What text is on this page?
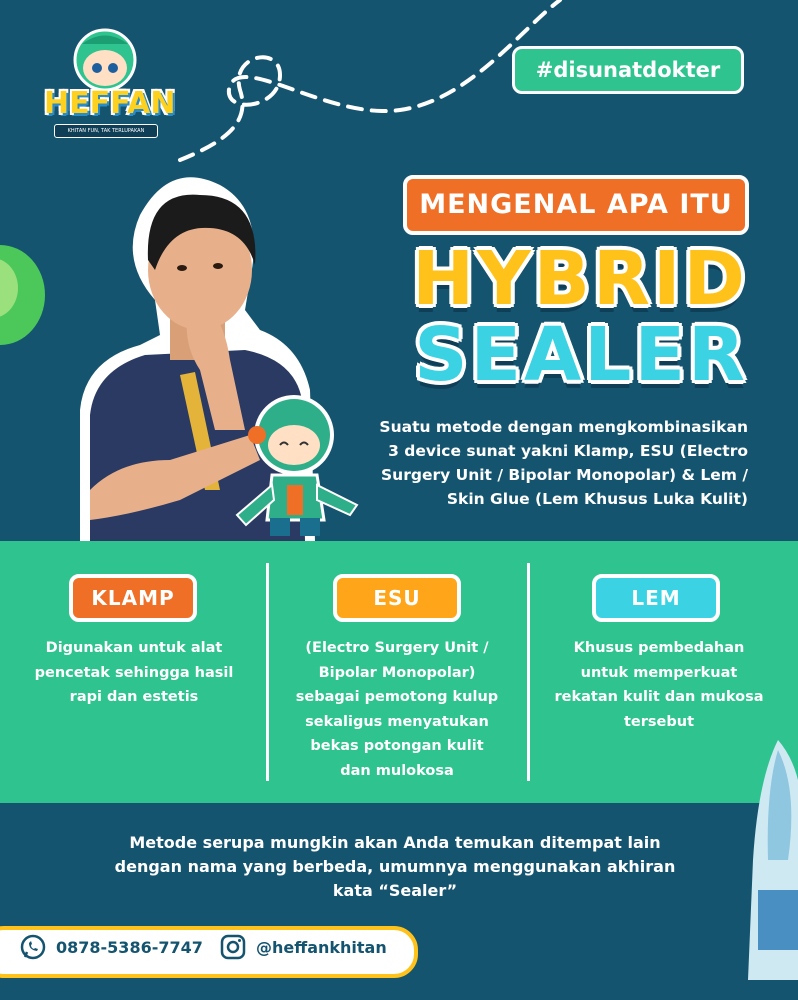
HEFFAN
KHITAN FUN, TAK TERLUPAKAN
#disunatdokter
MENGENAL APA ITU
HYBRID
SEALER
Suatu metode dengan mengkombinasikan
3 device sunat yakni Klamp, ESU (Electro
Surgery Unit / Bipolar Monopolar) & Lem /
Skin Glue (Lem Khusus Luka Kulit)
KLAMP
Digunakan untuk alat
pencetak sehingga hasil
rapi dan estetis
ESU
(Electro Surgery Unit /
Bipolar Monopolar)
sebagai pemotong kulup
sekaligus menyatukan
bekas potongan kulit
dan mulokosa
LEM
Khusus pembedahan
untuk memperkuat
rekatan kulit dan mukosa
tersebut
Metode serupa mungkin akan Anda temukan ditempat lain
dengan nama yang berbeda, umumnya menggunakan akhiran
kata “Sealer”
0878-5386-7747	@heffankhitan
